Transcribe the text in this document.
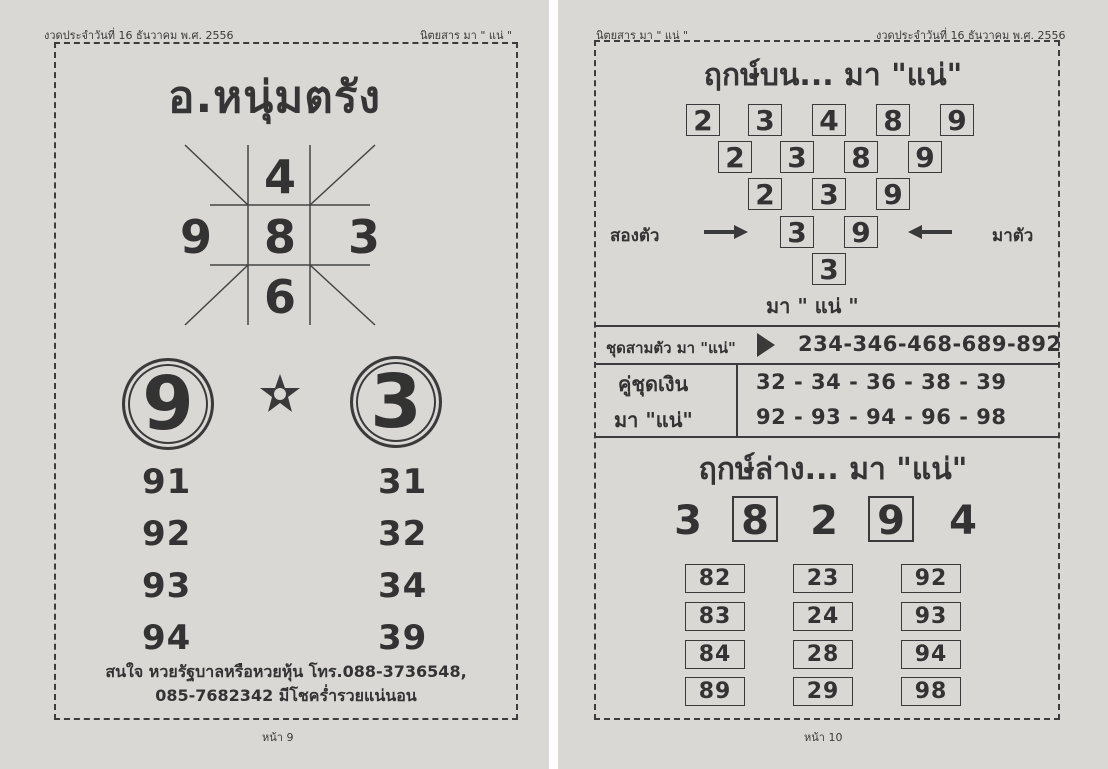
งวดประจำวันที่ 16 ธันวาคม พ.ศ. 2556	นิตยสาร มา " แน่ "
อ.หนุ่มตรัง
4
9	8	3
6
9 3
91
92
93
94
31
32
34
39
สนใจ หวยรัฐบาลหรือหวยหุ้น โทร.088-3736548,
085-7682342 มีโชคร่ำรวยแน่นอน
หน้า 9
นิตยสาร มา " แน่ "	งวดประจำวันที่ 16 ธันวาคม พ.ศ. 2556
ฤกษ์บน... มา "แน่"
2 3 4 8 9
2 3 8 9
2 3 9
3 9
3
สองตัว	มาตัว
มา " แน่ "
ชุดสามตัว มา "แน่"	234-346-468-689-892
คู่ชุดเงิน
มา "แน่"
32 - 34 - 36 - 38 - 39
92 - 93 - 94 - 96 - 98
ฤกษ์ล่าง... มา "แน่"
3 8 2 9 4
82	23	92
83	24	93
84	28	94
89	29	98
หน้า 10
